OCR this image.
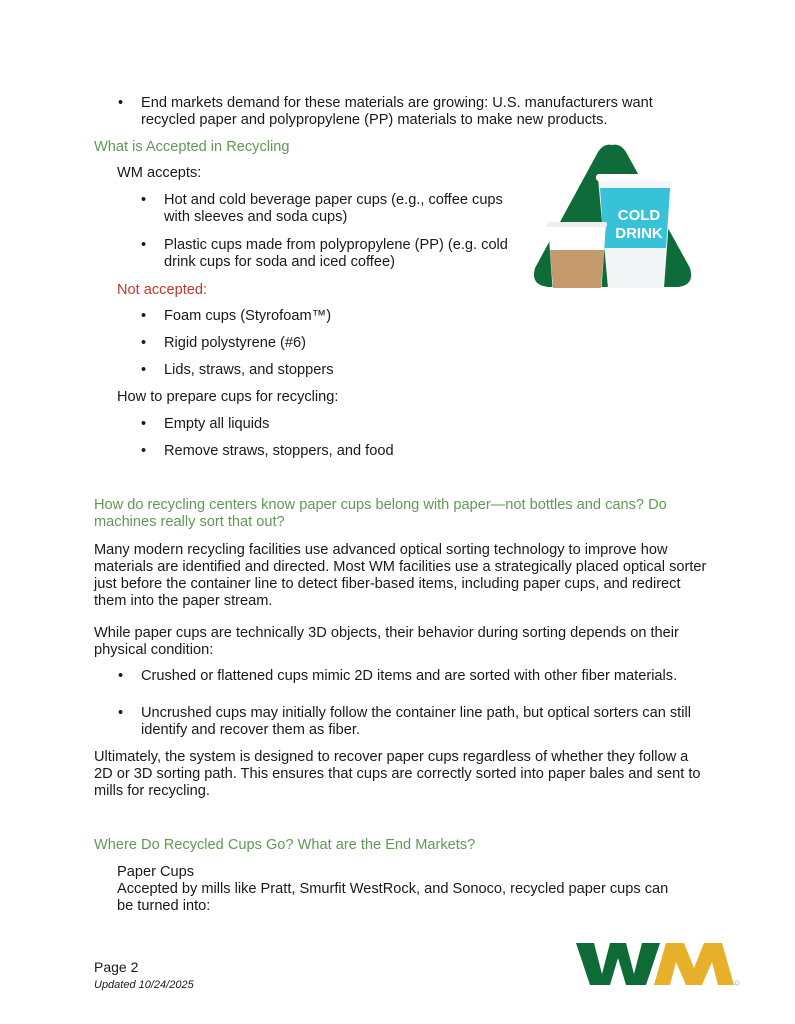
• End markets demand for these materials are growing: U.S. manufacturers want recycled paper and polypropylene (PP) materials to make new products.
What is Accepted in Recycling
WM accepts:
• Hot and cold beverage paper cups (e.g., coffee cups with sleeves and soda cups)
• Plastic cups made from polypropylene (PP) (e.g. cold drink cups for soda and iced coffee)
Not accepted:
• Foam cups (Styrofoam™)
• Rigid polystyrene (#6)
• Lids, straws, and stoppers
How to prepare cups for recycling:
• Empty all liquids
• Remove straws, stoppers, and food
COLD
DRINK
How do recycling centers know paper cups belong with paper—not bottles and cans? Do machines really sort that out?

Many modern recycling facilities use advanced optical sorting technology to improve how materials are identified and directed. Most WM facilities use a strategically placed optical sorter just before the container line to detect fiber-based items, including paper cups, and redirect them into the paper stream.

While paper cups are technically 3D objects, their behavior during sorting depends on their physical condition:

• Crushed or flattened cups mimic 2D items and are sorted with other fiber materials.
• Uncrushed cups may initially follow the container line path, but optical sorters can still identify and recover them as fiber.

Ultimately, the system is designed to recover paper cups regardless of whether they follow a 2D or 3D sorting path. This ensures that cups are correctly sorted into paper bales and sent to mills for recycling.

Where Do Recycled Cups Go? What are the End Markets?
Paper Cups
Accepted by mills like Pratt, Smurfit WestRock, and Sonoco, recycled paper cups can be turned into:
Page 2
Updated 10/24/2025
